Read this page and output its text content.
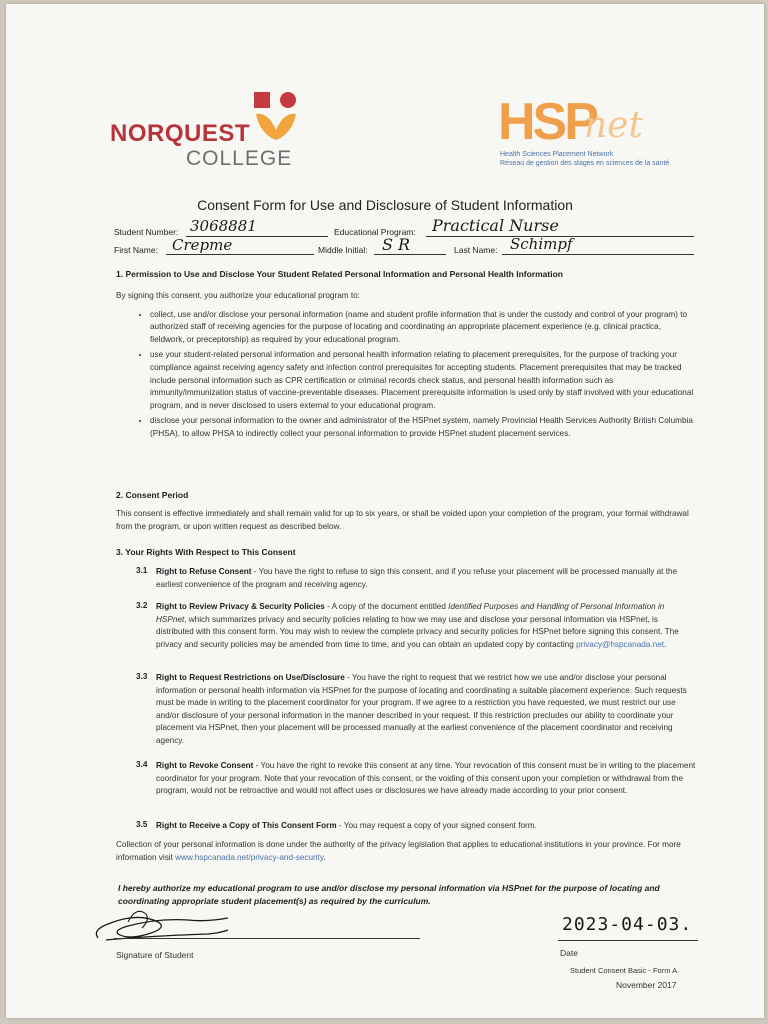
NORQUEST
COLLEGE
HSP
net
Health Sciences Placement Network
Réseau de gestion des stages en sciences de la santé
Consent Form for Use and Disclosure of Student Information
Student Number: 3068881	Educational Program: Practical Nurse
First Name: Crepme	Middle Initial: S R	Last Name: Schimpf
1. Permission to Use and Disclose Your Student Related Personal Information and Personal Health Information
By signing this consent, you authorize your educational program to:
• collect, use and/or disclose your personal information (name and student profile information that is under the custody and control of your program) to authorized staff of receiving agencies for the purpose of locating and coordinating an appropriate placement experience (e.g. clinical practica, fieldwork, or preceptorship) as required by your educational program.
• use your student-related personal information and personal health information relating to placement prerequisites, for the purpose of tracking your compliance against receiving agency safety and infection control prerequisites for accepting students. Placement prerequisites that may be tracked include personal information such as CPR certification or criminal records check status, and personal health information such as immunity/immunization status of vaccine-preventable diseases. Placement prerequisite information is used only by staff involved with your educational program, and is never disclosed to users external to your educational program.
• disclose your personal information to the owner and administrator of the HSPnet system, namely Provincial Health Services Authority British Columbia (PHSA), to allow PHSA to indirectly collect your personal information to provide HSPnet student placement services.
2. Consent Period
This consent is effective immediately and shall remain valid for up to six years, or shall be voided upon your completion of the program, your formal withdrawal from the program, or upon written request as described below.
3. Your Rights With Respect to This Consent
3.1 Right to Refuse Consent - You have the right to refuse to sign this consent, and if you refuse your placement will be processed manually at the earliest convenience of the program and receiving agency.
3.2 Right to Review Privacy & Security Policies - A copy of the document entitled Identified Purposes and Handling of Personal Information in HSPnet, which summarizes privacy and security policies relating to how we may use and disclose your personal information via HSPnet, is distributed with this consent form. You may wish to review the complete privacy and security policies for HSPnet before signing this consent. The privacy and security policies may be amended from time to time, and you can obtain an updated copy by contacting privacy@hspcanada.net.
3.3 Right to Request Restrictions on Use/Disclosure - You have the right to request that we restrict how we use and/or disclose your personal information or personal health information via HSPnet for the purpose of locating and coordinating a suitable placement experience. Such requests must be made in writing to the placement coordinator for your program. If we agree to a restriction you have requested, we must restrict our use and/or disclosure of your personal information in the manner described in your request. If this restriction precludes our ability to coordinate your placement via HSPnet, then your placement will be processed manually at the earliest convenience of the placement coordinator and receiving agency.
3.4 Right to Revoke Consent - You have the right to revoke this consent at any time. Your revocation of this consent must be in writing to the placement coordinator for your program. Note that your revocation of this consent, or the voiding of this consent upon your completion or withdrawal from the program, would not be retroactive and would not affect uses or disclosures we have already made according to your prior consent.
3.5 Right to Receive a Copy of This Consent Form - You may request a copy of your signed consent form.
Collection of your personal information is done under the authority of the privacy legislation that applies to educational institutions in your province. For more information visit www.hspcanada.net/privacy-and-security.
I hereby authorize my educational program to use and/or disclose my personal information via HSPnet for the purpose of locating and coordinating appropriate student placement(s) as required by the curriculum.
Signature of Student
2023-04-03.
Date
Student Consent Basic - Form A
November 2017
